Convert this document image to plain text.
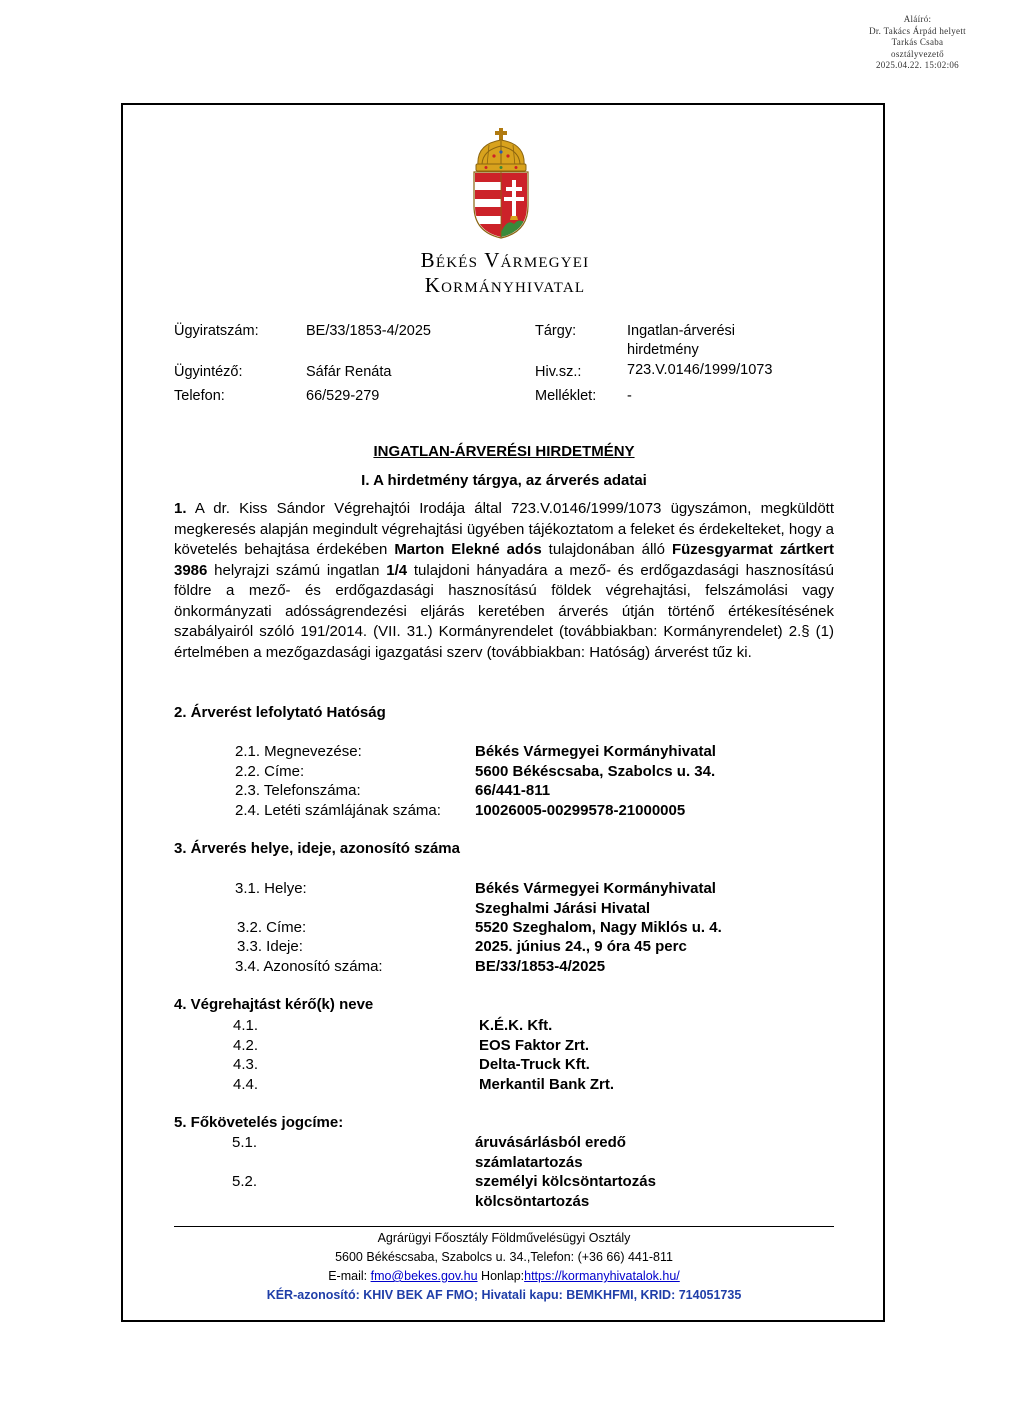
Aláíró:
Dr. Takács Árpád helyett
Tarkás Csaba
osztályvezető
2025.04.22. 15:02:06
Békés Vármegyei
Kormányhivatal
Ügyiratszám:	BE/33/1853-4/2025	Tárgy:	Ingatlan-árverési
hirdetmény
Ügyintéző:	Sáfár Renáta	Hiv.sz.:	723.V.0146/1999/1073
Telefon:	66/529-279	Melléklet: -
INGATLAN-ÁRVERÉSI HIRDETMÉNY
I. A hirdetmény tárgya, az árverés adatai
1. A dr. Kiss Sándor Végrehajtói Irodája által 723.V.0146/1999/1073 ügyszámon, megküldött megkeresés alapján megindult végrehajtási ügyében tájékoztatom a feleket és érdekelteket, hogy a követelés behajtása érdekében Marton Elekné adós tulajdonában álló Füzesgyarmat zártkert 3986 helyrajzi számú ingatlan 1/4 tulajdoni hányadára a mező- és erdőgazdasági hasznosítású földre a mező- és erdőgazdasági hasznosítású földek végrehajtási, felszámolási vagy önkormányzati adósságrendezési eljárás keretében árverés útján történő értékesítésének szabályairól szóló 191/2014. (VII. 31.) Kormányrendelet (továbbiakban: Kormányrendelet) 2.§ (1) értelmében a mezőgazdasági igazgatási szerv (továbbiakban: Hatóság) árverést tűz ki.
2. Árverést lefolytató Hatóság
2.1. Megnevezése:	Békés Vármegyei Kormányhivatal
2.2. Címe:	5600 Békéscsaba, Szabolcs u. 34.
2.3. Telefonszáma:	66/441-811
2.4. Letéti számlájának száma: 10026005-00299578-21000005
3. Árverés helye, ideje, azonosító száma
3.1. Helye:	Békés Vármegyei Kormányhivatal
Szeghalmi Járási Hivatal
3.2. Címe:	5520 Szeghalom, Nagy Miklós u. 4.
3.3. Ideje:	2025. június 24., 9 óra 45 perc
3.4. Azonosító száma:	BE/33/1853-4/2025
4. Végrehajtást kérő(k) neve
4.1.	K.É.K. Kft.
4.2.	EOS Faktor Zrt.
4.3.	Delta-Truck Kft.
4.4.	Merkantil Bank Zrt.
5. Főkövetelés jogcíme:
5.1.	áruvásárlásból eredő
számlatartozás
5.2.	személyi kölcsöntartozás
kölcsöntartozás
Agrárügyi Főosztály Földművelésügyi Osztály
5600 Békéscsaba, Szabolcs u. 34.,Telefon: (+36 66) 441-811
E-mail: fmo@bekes.gov.hu Honlap:https://kormanyhivatalok.hu/
KÉR-azonosító: KHIV BEK AF FMO; Hivatali kapu: BEMKHFMI, KRID: 714051735
